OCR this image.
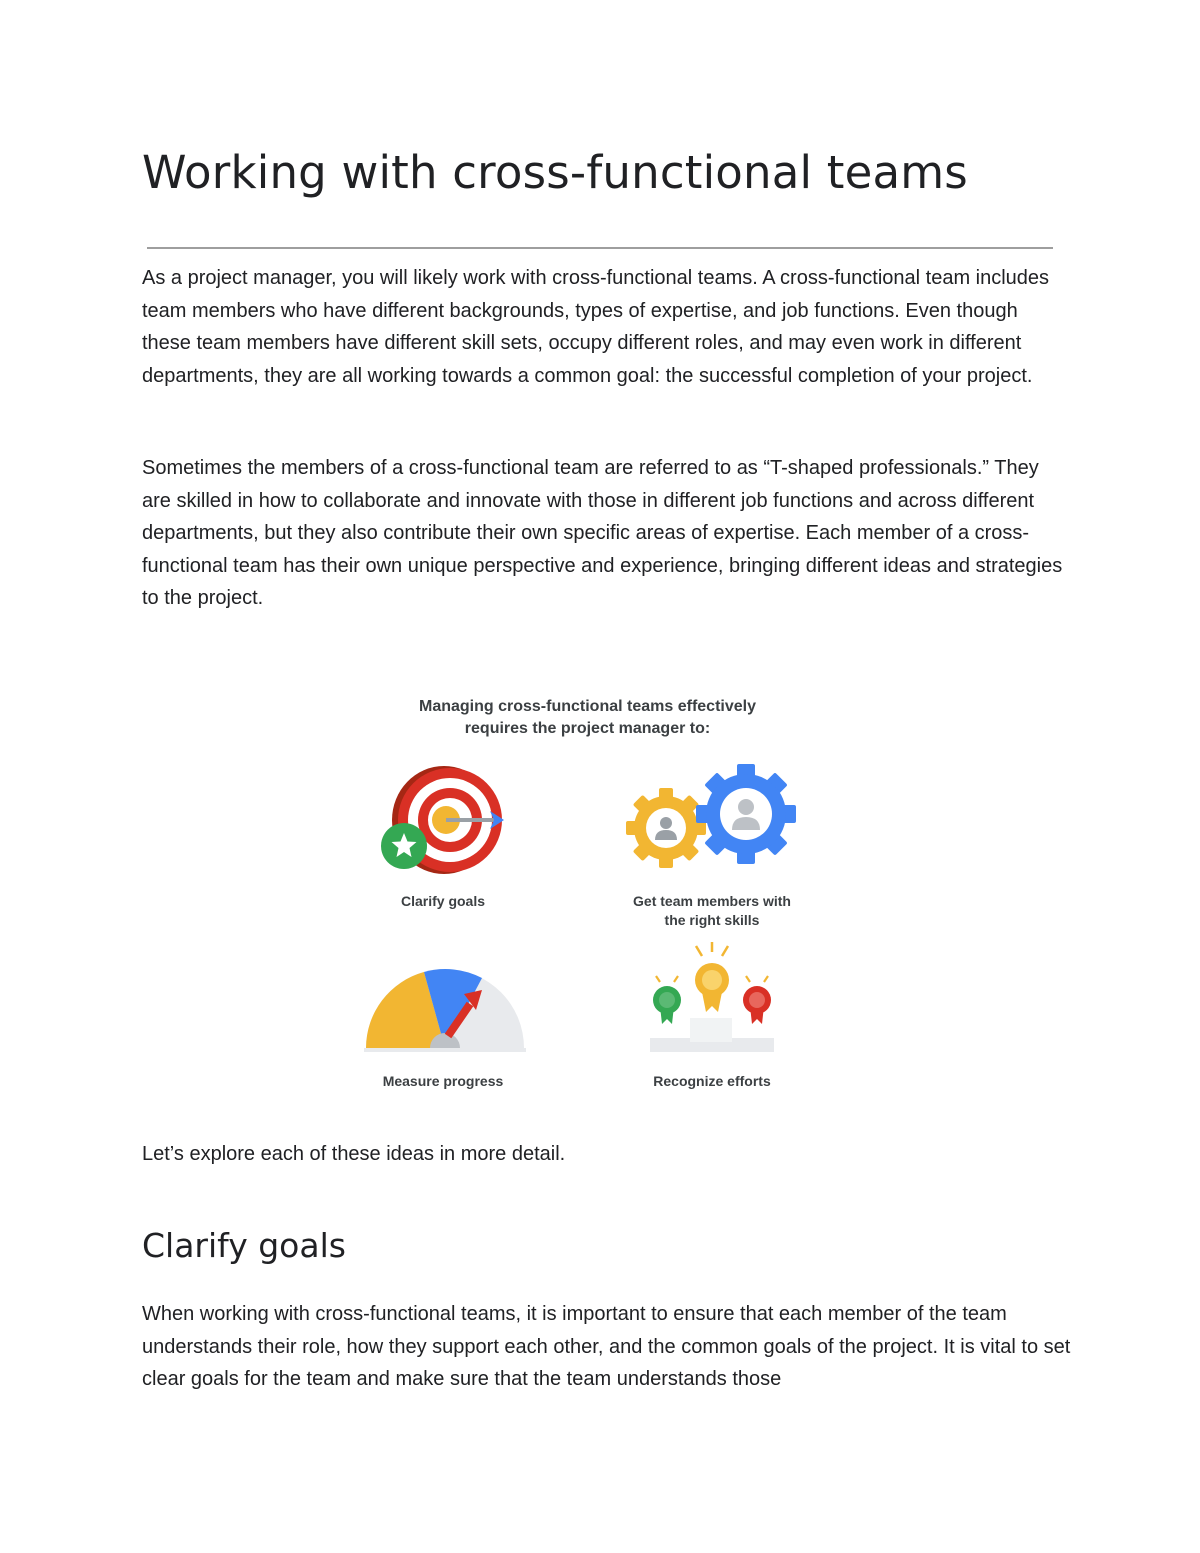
Working with cross-functional teams

As a project manager, you will likely work with cross-functional teams. A cross-functional team includes team members who have different backgrounds, types of expertise, and job functions. Even though these team members have different skill sets, occupy different roles, and may even work in different departments, they are all working towards a common goal: the successful completion of your project.

Sometimes the members of a cross-functional team are referred to as “T-shaped professionals.” They are skilled in how to collaborate and innovate with those in different job functions and across different departments, but they also contribute their own specific areas of expertise. Each member of a cross-functional team has their own unique perspective and experience, bringing different ideas and strategies to the project.

Managing cross-functional teams effectively
requires the project manager to:
Clarify goals	Get team members with
the right skills
Measure progress	Recognize efforts

Let’s explore each of these ideas in more detail.

Clarify goals

When working with cross-functional teams, it is important to ensure that each member of the team understands their role, how they support each other, and the common goals of the project. It is vital to set clear goals for the team and make sure that the team understands those
